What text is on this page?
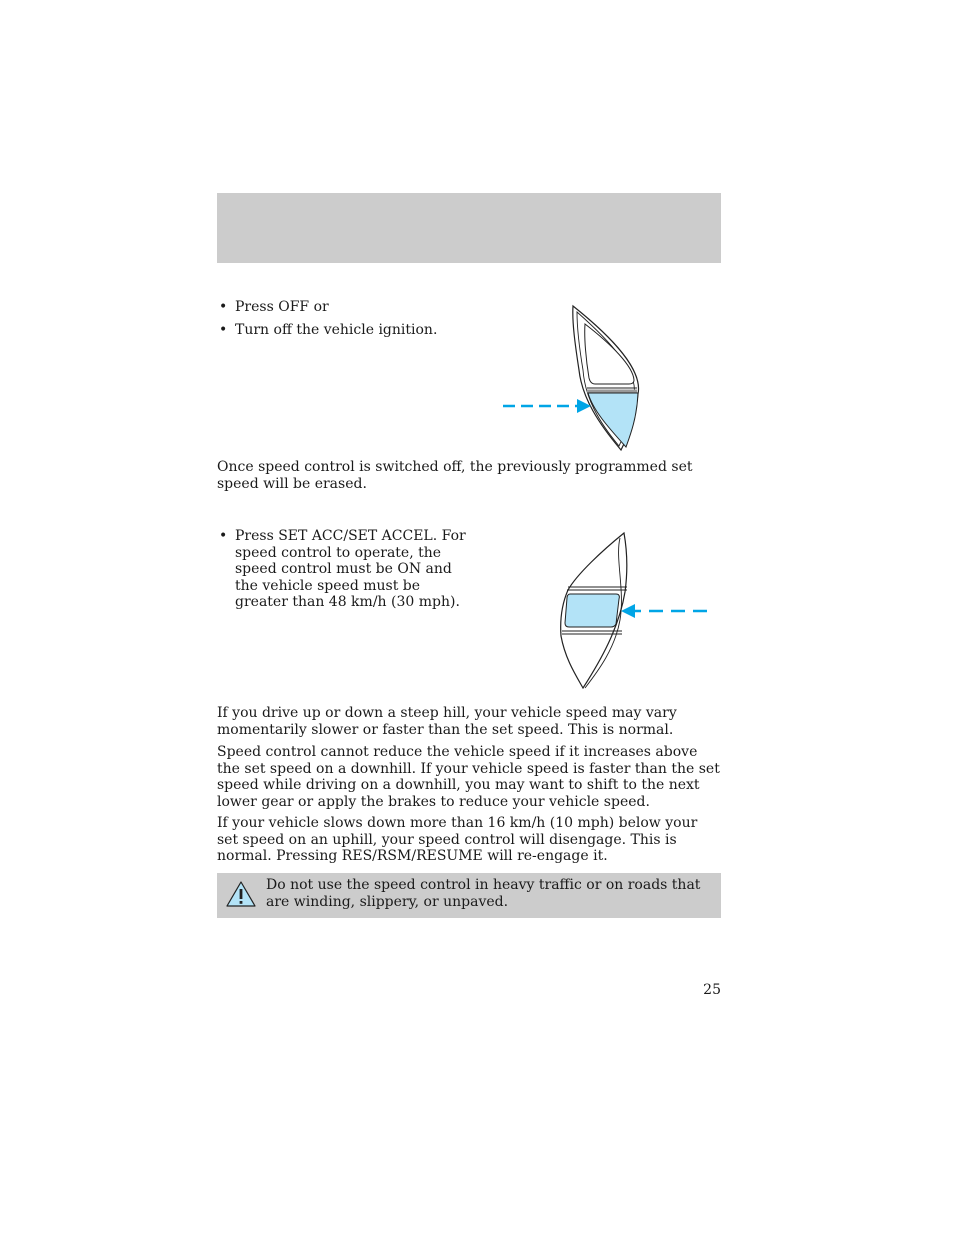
• Press OFF or
• Turn off the vehicle ignition.

Once speed control is switched off, the previously programmed set speed will be erased.

• Press SET ACC/SET ACCEL. For speed control to operate, the speed control must be ON and the vehicle speed must be greater than 48 km/h (30 mph).

If you drive up or down a steep hill, your vehicle speed may vary momentarily slower or faster than the set speed. This is normal.

Speed control cannot reduce the vehicle speed if it increases above the set speed on a downhill. If your vehicle speed is faster than the set speed while driving on a downhill, you may want to shift to the next lower gear or apply the brakes to reduce your vehicle speed.

If your vehicle slows down more than 16 km/h (10 mph) below your set speed on an uphill, your speed control will disengage. This is normal. Pressing RES/RSM/RESUME will re-engage it.

Do not use the speed control in heavy traffic or on roads that are winding, slippery, or unpaved.

25
